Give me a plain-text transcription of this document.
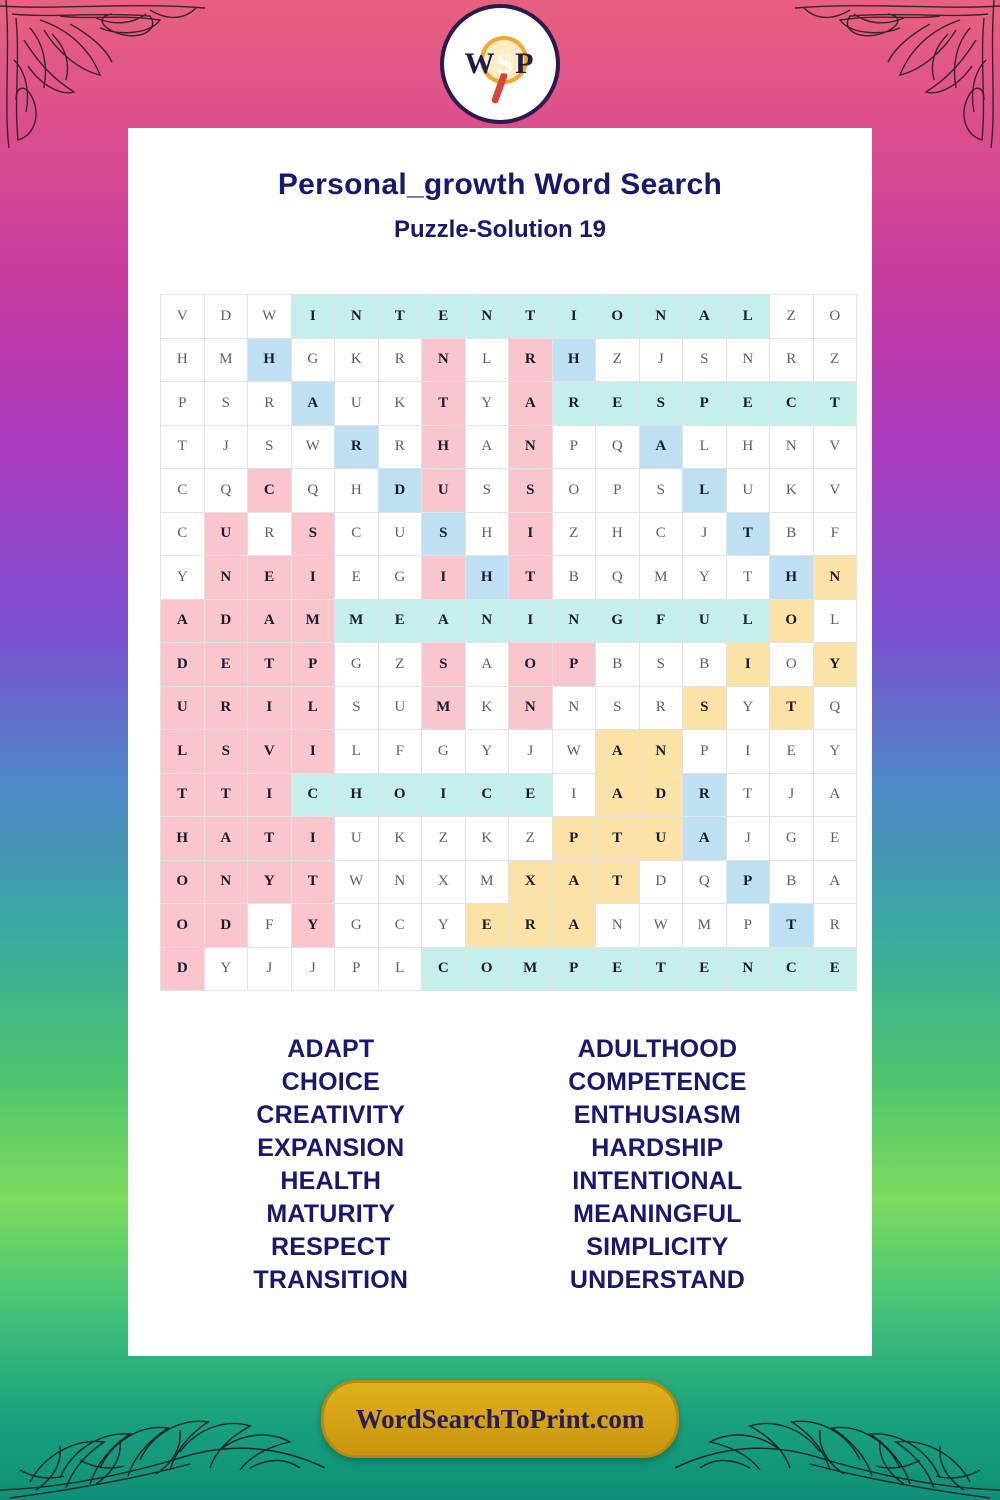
WSP
Personal_growth Word Search
Puzzle-Solution 19
V	D	W	I	N	T	E	N	T	I	O	N	A	L	Z	O
H	M	H	G	K	R	N	L	R	H	Z	J	S	N	R	Z
P	S	R	A	U	K	T	Y	A	R	E	S	P	E	C	T
T	J	S	W	R	R	H	A	N	P	Q	A	L	H	N	V
C	Q	C	Q	H	D	U	S	S	O	P	S	L	U	K	V
C	U	R	S	C	U	S	H	I	Z	H	C	J	T	B	F
Y	N	E	I	E	G	I	H	T	B	Q	M	Y	T	H	N
A	D	A	M	M	E	A	N	I	N	G	F	U	L	O	L
D	E	T	P	G	Z	S	A	O	P	B	S	B	I	O	Y
U	R	I	L	S	U	M	K	N	N	S	R	S	Y	T	Q
L	S	V	I	L	F	G	Y	J	W	A	N	P	I	E	Y
T	T	I	C	H	O	I	C	E	I	A	D	R	T	J	A
H	A	T	I	U	K	Z	K	Z	P	T	U	A	J	G	E
O	N	Y	T	W	N	X	M	X	A	T	D	Q	P	B	A
O	D	F	Y	G	C	Y	E	R	A	N	W	M	P	T	R
D	Y	J	J	P	L	C	O	M	P	E	T	E	N	C	E
ADAPT
CHOICE
CREATIVITY
EXPANSION
HEALTH
MATURITY
RESPECT
TRANSITION
ADULTHOOD
COMPETENCE
ENTHUSIASM
HARDSHIP
INTENTIONAL
MEANINGFUL
SIMPLICITY
UNDERSTAND
WordSearchToPrint.com
